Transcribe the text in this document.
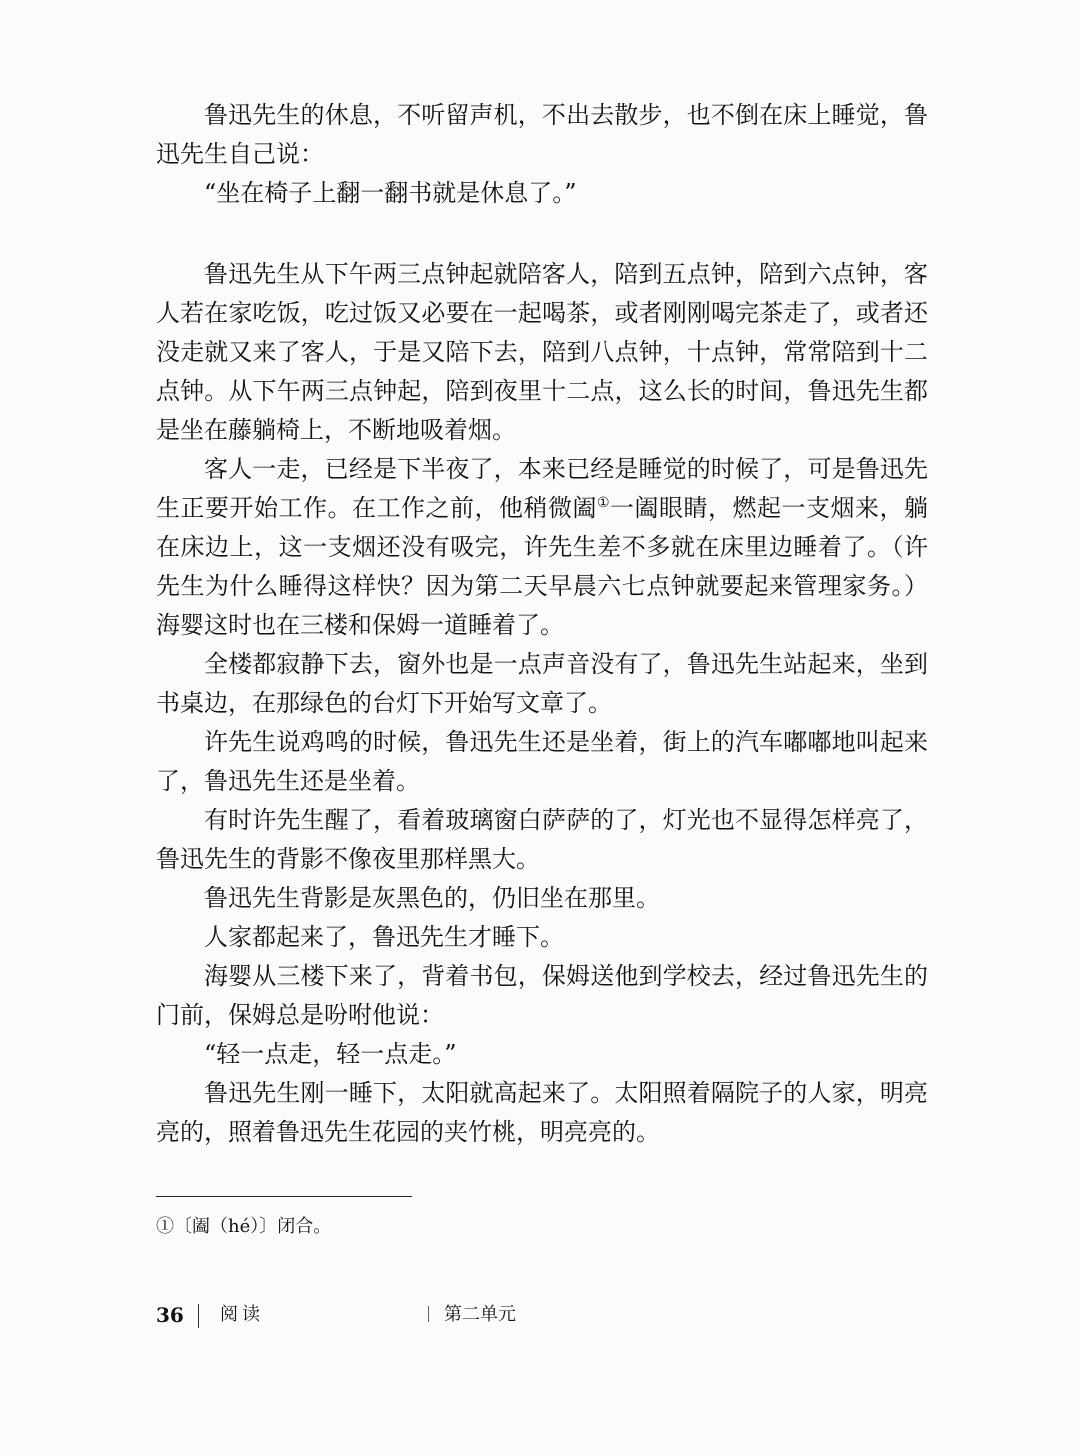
鲁迅先生的休息，不听留声机，不出去散步，也不倒在床上睡觉，鲁迅先生自己说：

“坐在椅子上翻一翻书就是休息了。”

鲁迅先生从下午两三点钟起就陪客人，陪到五点钟，陪到六点钟，客人若在家吃饭，吃过饭又必要在一起喝茶，或者刚刚喝完茶走了，或者还没走就又来了客人，于是又陪下去，陪到八点钟，十点钟，常常陪到十二点钟。从下午两三点钟起，陪到夜里十二点，这么长的时间，鲁迅先生都是坐在藤躺椅上，不断地吸着烟。

客人一走，已经是下半夜了，本来已经是睡觉的时候了，可是鲁迅先生正要开始工作。在工作之前，他稍微阖①一阖眼睛，燃起一支烟来，躺在床边上，这一支烟还没有吸完，许先生差不多就在床里边睡着了。（许先生为什么睡得这样快？因为第二天早晨六七点钟就要起来管理家务。）海婴这时也在三楼和保姆一道睡着了。

全楼都寂静下去，窗外也是一点声音没有了，鲁迅先生站起来，坐到书桌边，在那绿色的台灯下开始写文章了。

许先生说鸡鸣的时候，鲁迅先生还是坐着，街上的汽车嘟嘟地叫起来了，鲁迅先生还是坐着。

有时许先生醒了，看着玻璃窗白萨萨的了，灯光也不显得怎样亮了，鲁迅先生的背影不像夜里那样黑大。

鲁迅先生背影是灰黑色的，仍旧坐在那里。

人家都起来了，鲁迅先生才睡下。

海婴从三楼下来了，背着书包，保姆送他到学校去，经过鲁迅先生的门前，保姆总是吩咐他说：

“轻一点走，轻一点走。”

鲁迅先生刚一睡下，太阳就高起来了。太阳照着隔院子的人家，明亮亮的，照着鲁迅先生花园的夹竹桃，明亮亮的。

①〔阖（hé）〕闭合。
36 阅读	第二单元
